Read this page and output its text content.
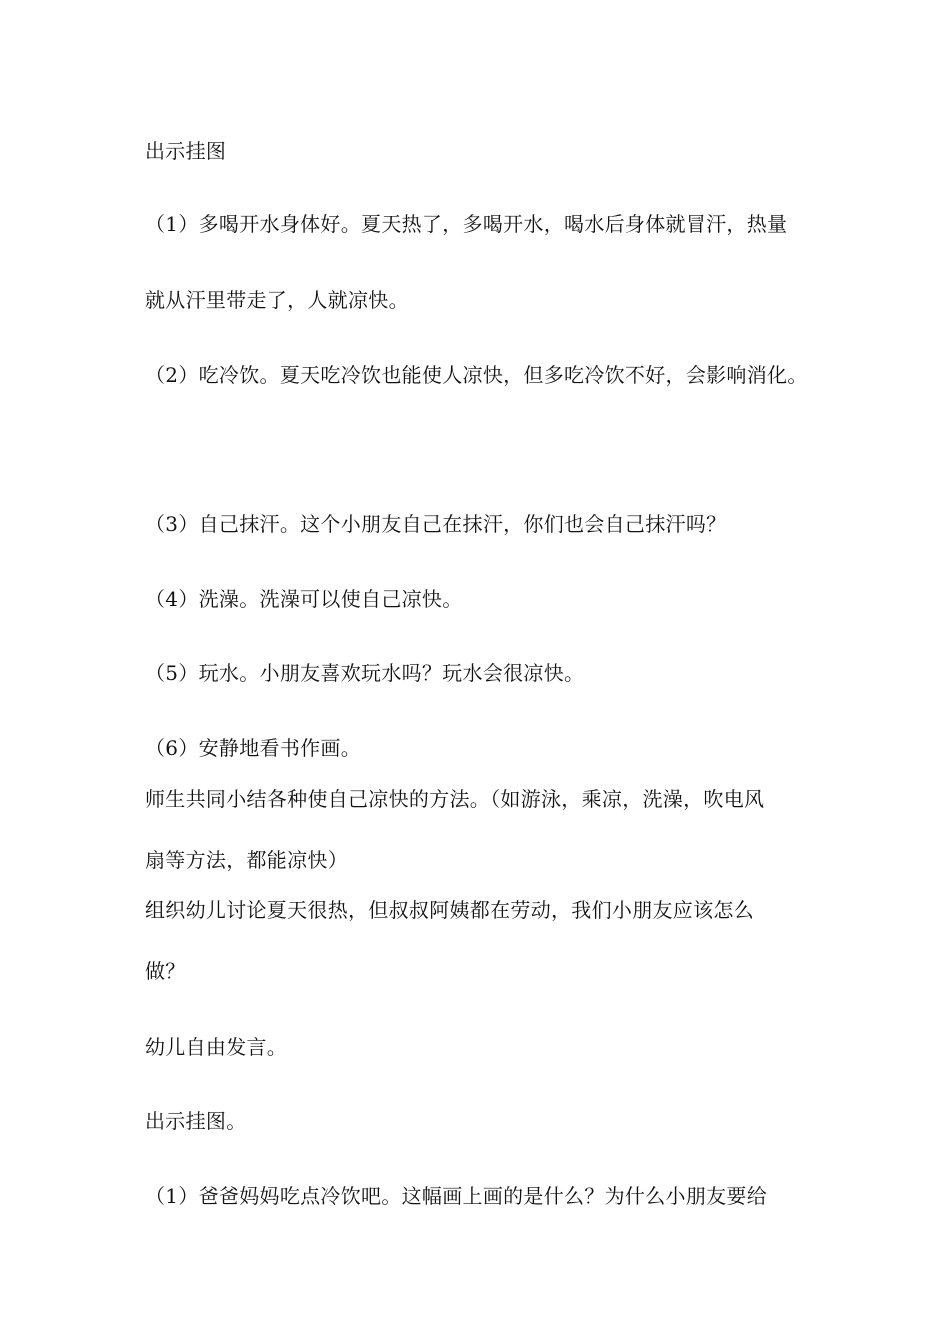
出示挂图
（1）多喝开水身体好。夏天热了，多喝开水，喝水后身体就冒汗，热量
就从汗里带走了，人就凉快。
（2）吃冷饮。夏天吃冷饮也能使人凉快，但多吃冷饮不好，会影响消化。
（3）自己抹汗。这个小朋友自己在抹汗，你们也会自己抹汗吗？
（4）洗澡。洗澡可以使自己凉快。
（5）玩水。小朋友喜欢玩水吗？玩水会很凉快。
（6）安静地看书作画。
师生共同小结各种使自己凉快的方法。（如游泳，乘凉，洗澡，吹电风
扇等方法，都能凉快）
组织幼儿讨论夏天很热，但叔叔阿姨都在劳动，我们小朋友应该怎么
做？
幼儿自由发言。
出示挂图。
（1）爸爸妈妈吃点冷饮吧。这幅画上画的是什么？为什么小朋友要给
